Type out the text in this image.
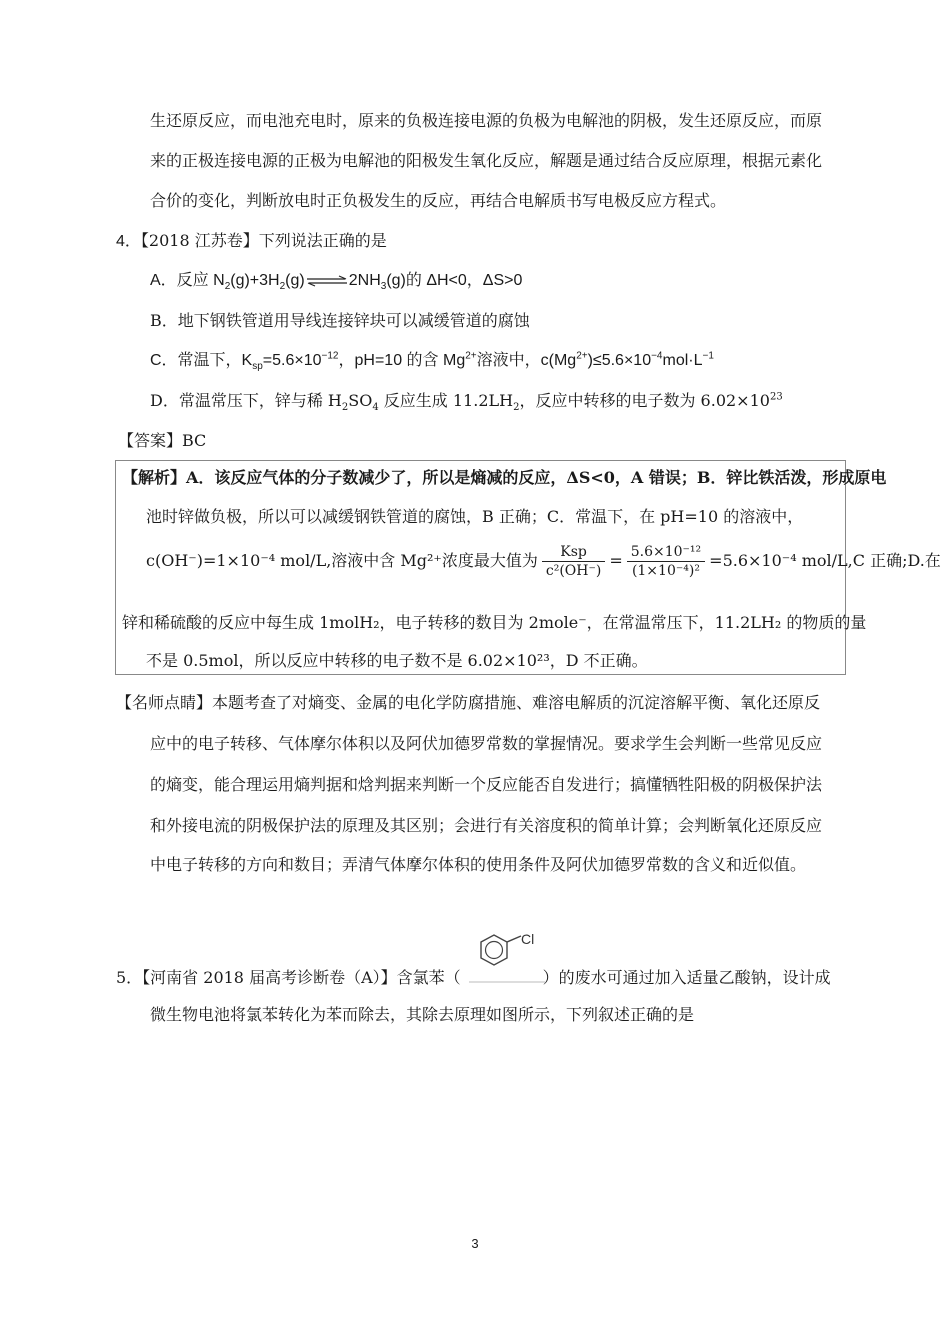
生还原反应，而电池充电时，原来的负极连接电源的负极为电解池的阴极，发生还原反应，而原
来的正极连接电源的正极为电解池的阳极发生氧化反应，解题是通过结合反应原理，根据元素化
合价的变化，判断放电时正负极发生的反应，再结合电解质书写电极反应方程式。
4．【2018 江苏卷】下列说法正确的是
A．反应 $N_2(g)+3H_2(g)\rightleftharpoons 2NH_3(g)$的 ΔH<0，ΔS>0
B．地下钢铁管道用导线连接锌块可以减缓管道的腐蚀
C．常温下，$K_{sp}=5.6\times 10^{-12}$，pH=10 的含 $Mg^{2+}$溶液中，$c(Mg^{2+})\le 5.6\times 10^{-4}mol\cdot L^{-1}$
D．常温常压下，锌与稀 $H_2SO_4$ 反应生成 $11.2LH_2$，反应中转移的电子数为 $6.02\times 10^{23}$
【答案】BC
【解析】A．该反应气体的分子数减少了，所以是熵减的反应，ΔS<0，A 错误；B．锌比铁活泼，形成原电
池时锌做负极，所以可以减缓钢铁管道的腐蚀，B 正确；C．常温下，在 pH=10 的溶液中，
c(OH⁻)=1×10⁻⁴ mol/L,溶液中含 Mg²⁺浓度最大值为 $\frac{\text{Ksp}}{\text{c²(OH⁻)}} = \frac{\text{5.6×10⁻¹²}}{\text{(1×10⁻⁴)²}} =5.6\times 10^{-4}$ mol/L,C 正确;D.在
锌和稀硫酸的反应中每生成 1molH₂，电子转移的数目为 2mole⁻，在常温常压下，11.2LH₂ 的物质的量
不是 0.5mol，所以反应中转移的电子数不是 6.02×10²³，D 不正确。
【名师点睛】本题考查了对熵变、金属的电化学防腐措施、难溶电解质的沉淀溶解平衡、氧化还原反
应中的电子转移、气体摩尔体积以及阿伏加德罗常数的掌握情况。要求学生会判断一些常见反应
的熵变，能合理运用熵判据和焓判据来判断一个反应能否自发进行；搞懂牺牲阳极的阴极保护法
和外接电流的阴极保护法的原理及其区别；会进行有关溶度积的简单计算；会判断氧化还原反应
中电子转移的方向和数目；弄清气体摩尔体积的使用条件及阿伏加德罗常数的含义和近似值。
5．【河南省 2018 届高考诊断卷（A）】含氯苯（	）的废水可通过加入适量乙酸钠，设计成
Cl
微生物电池将氯苯转化为苯而除去，其除去原理如图所示，下列叙述正确的是
3
